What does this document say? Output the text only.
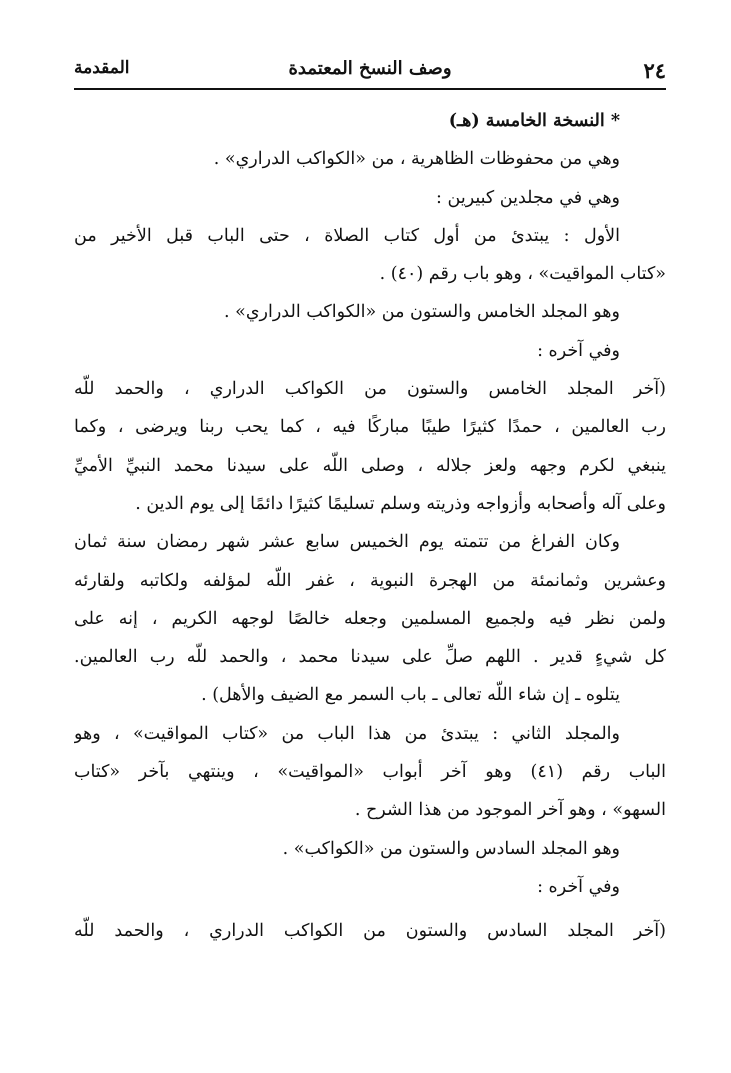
٢٤
وصف النسخ المعتمدة
المقدمة
* النسخة الخامسة (هـ)
وهي من محفوظات الظاهرية ، من «الكواكب الدراري» .
وهي في مجلدين كبيرين :
الأول : يبتدئ من أول كتاب الصلاة ، حتى الباب قبل الأخير من
«كتاب المواقيت» ، وهو باب رقم (٤٠) .
وهو المجلد الخامس والستون من «الكواكب الدراري» .
وفي آخره :
(آخر المجلد الخامس والستون من الكواكب الدراري ، والحمد للّه
رب العالمين ، حمدًا كثيرًا طيبًا مباركًا فيه ، كما يحب ربنا ويرضى ، وكما
ينبغي لكرم وجهه ولعز جلاله ، وصلى اللّه على سيدنا محمد النبيِّ الأميِّ
وعلى آله وأصحابه وأزواجه وذريته وسلم تسليمًا كثيرًا دائمًا إلى يوم الدين .
وكان الفراغ من تتمته يوم الخميس سابع عشر شهر رمضان سنة ثمان
وعشرين وثمانمئة من الهجرة النبوية ، غفر اللّه لمؤلفه ولكاتبه ولقارئه
ولمن نظر فيه ولجميع المسلمين وجعله خالصًا لوجهه الكريم ، إنه على
كل شيءٍ قدير . اللهم صلِّ على سيدنا محمد ، والحمد للّه رب العالمين.
يتلوه ـ إن شاء اللّه تعالى ـ باب السمر مع الضيف والأهل) .
والمجلد الثاني : يبتدئ من هذا الباب من «كتاب المواقيت» ، وهو
الباب رقم (٤١) وهو آخر أبواب «المواقيت» ، وينتهي بآخر «كتاب
السهو» ، وهو آخر الموجود من هذا الشرح .
وهو المجلد السادس والستون من «الكواكب» .
وفي آخره :
(آخر المجلد السادس والستون من الكواكب الدراري ، والحمد للّه
